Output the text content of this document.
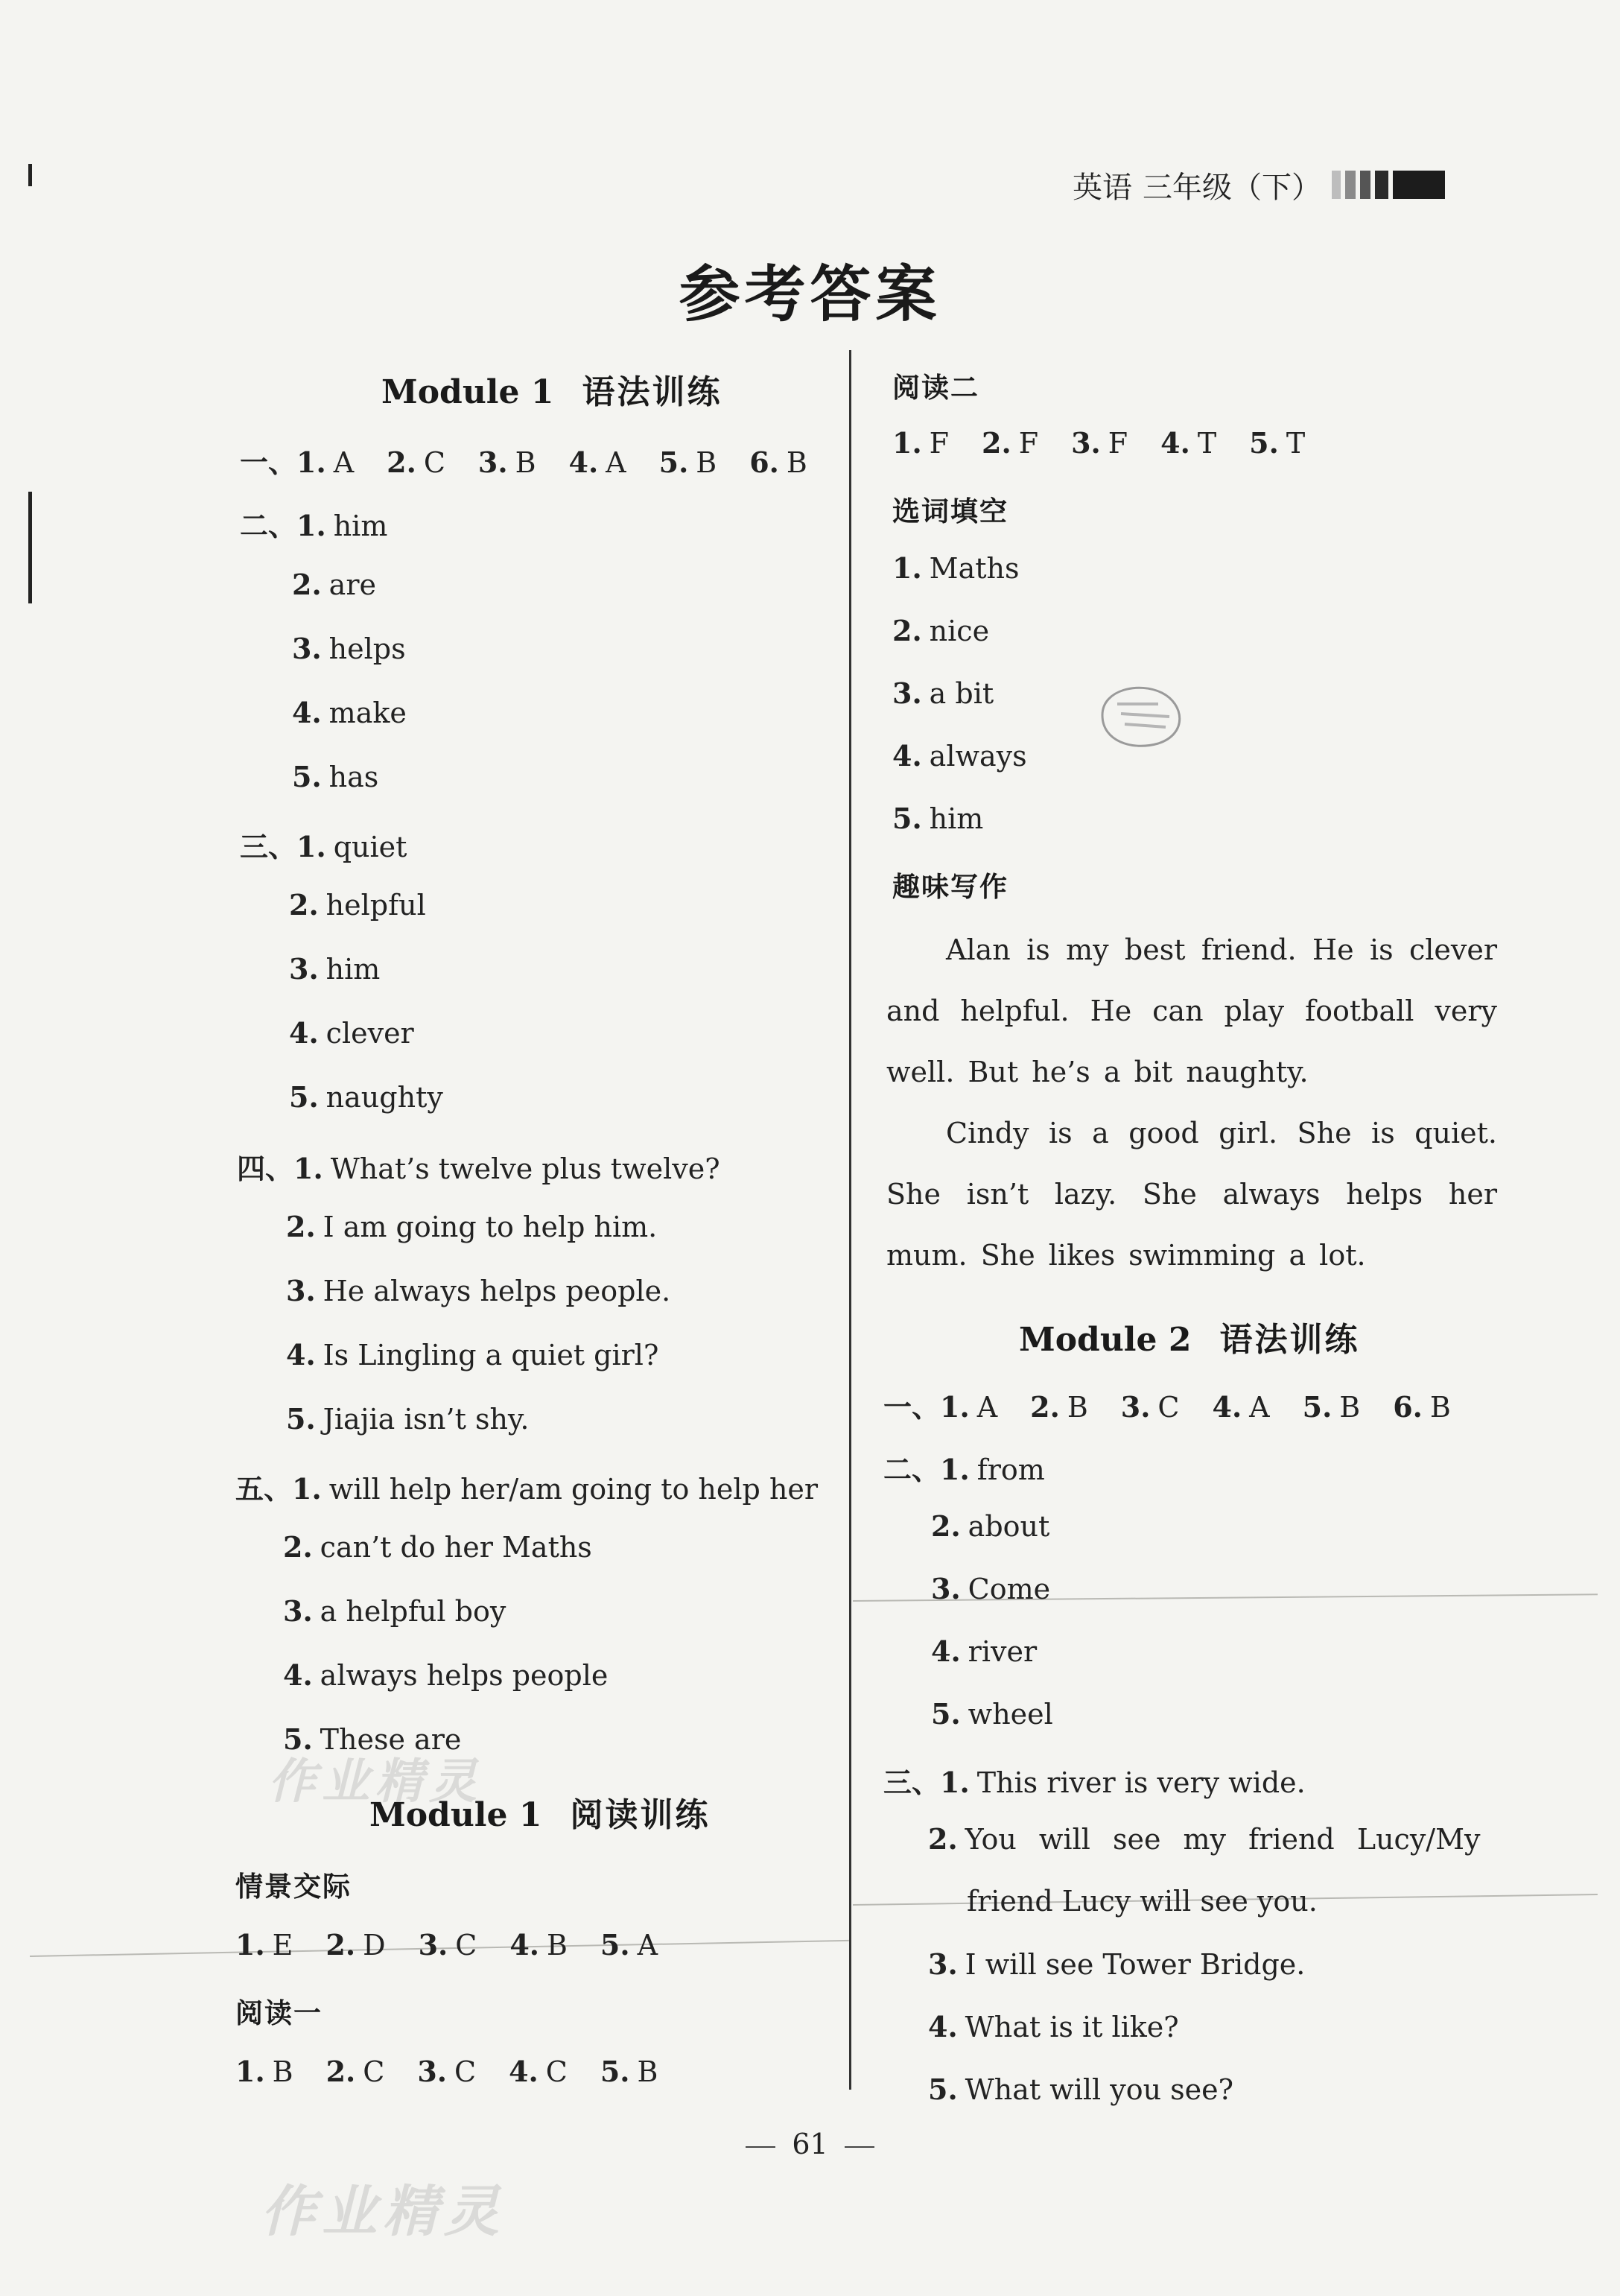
英语 三年级（下）
参考答案
Module 1 语法训练
一、1. A 2. C 3. B 4. A 5. B 6. B
二、1. him
2. are
3. helps
4. make
5. has
三、1. quiet
2. helpful
3. him
4. clever
5. naughty
四、1. What’s twelve plus twelve?
2. I am going to help him.
3. He always helps people.
4. Is Lingling a quiet girl?
5. Jiajia isn’t shy.
五、1. will help her/am going to help her
2. can’t do her Maths
3. a helpful boy
4. always helps people
5. These are
Module 1 阅读训练
情景交际
1. E 2. D 3. C 4. B 5. A
阅读一
1. B 2. C 3. C 4. C 5. B
阅读二
1. F 2. F 3. F 4. T 5. T
选词填空
1. Maths
2. nice
3. a bit
4. always
5. him
趣味写作

Alan is my best friend. He is clever and helpful. He can play football very well. But he’s a bit naughty.

Cindy is a good girl. She is quiet. She isn’t lazy. She always helps her mum. She likes swimming a lot.

Module 2 语法训练
一、1. A 2. B 3. C 4. A 5. B 6. B
二、1. from
2. about
3. Come
4. river
5. wheel
三、1. This river is very wide.
2. You will see my friend Lucy/My
friend Lucy will see you.
3. I will see Tower Bridge.
4. What is it like?
5. What will you see?
61
作业精灵
作业精灵
